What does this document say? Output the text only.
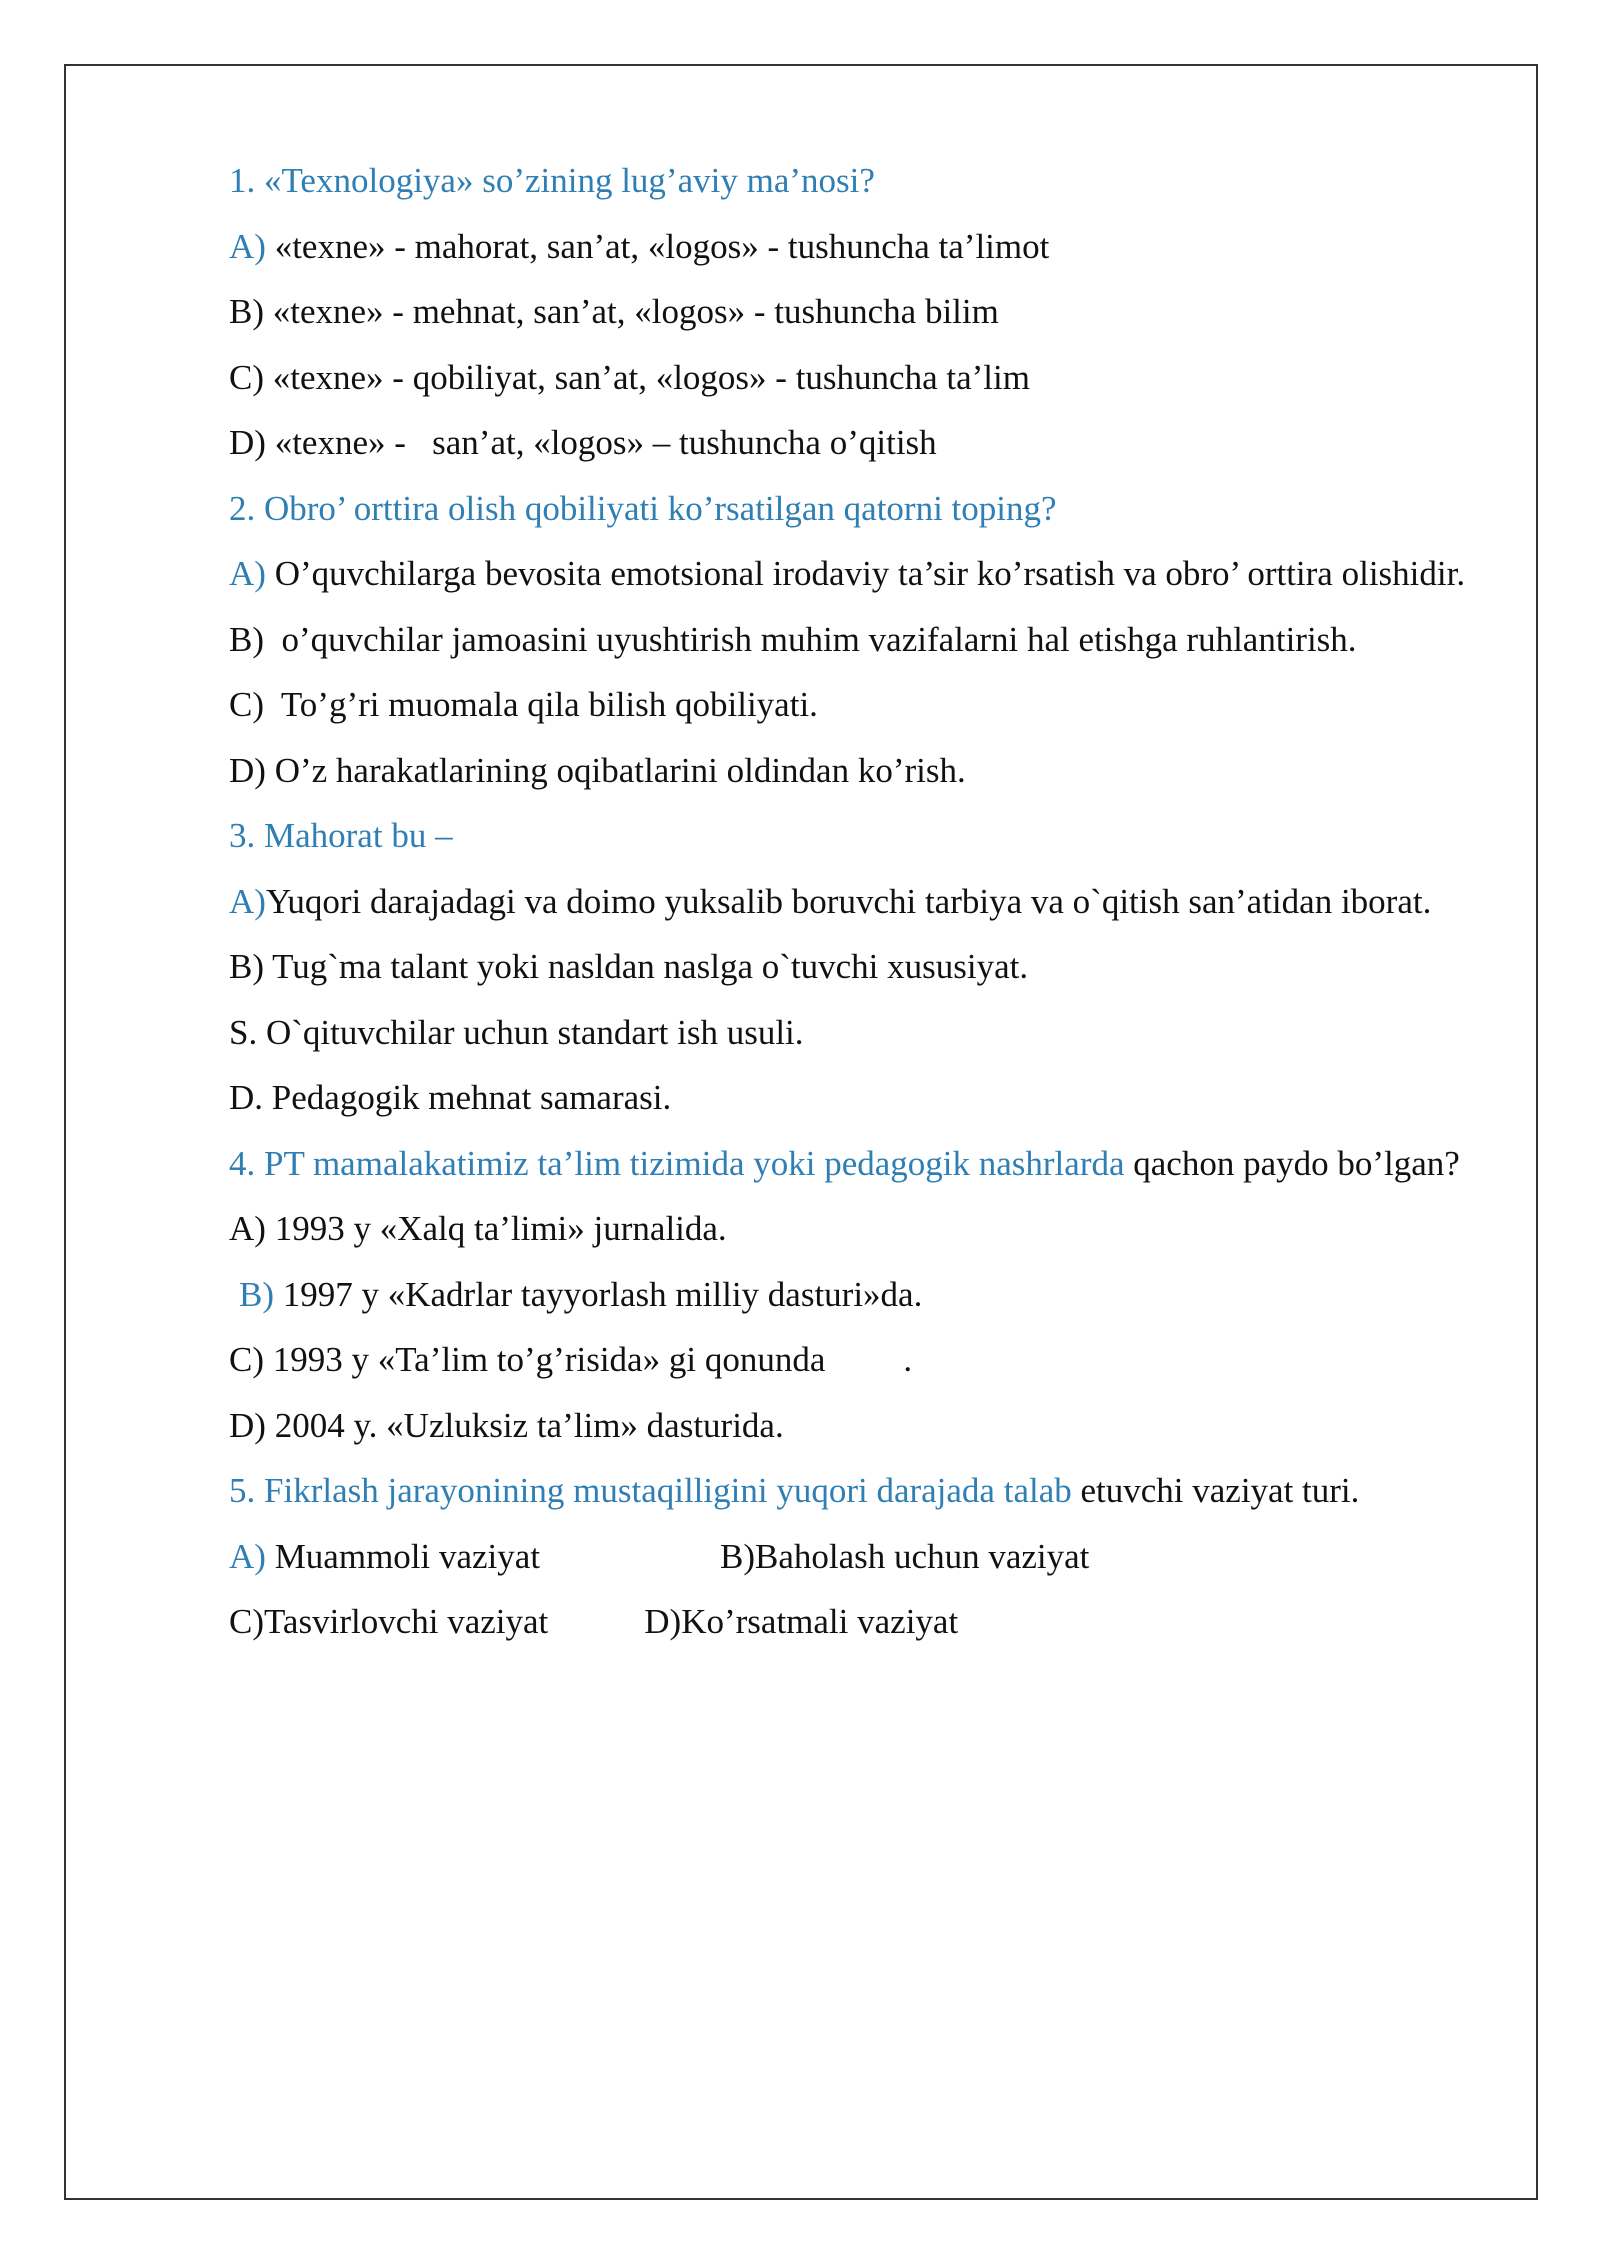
1. «Texnologiya» so’zining lug’aviy ma’nosi?
A) «texne» - mahorat, san’at, «logos» - tushuncha ta’limot
B) «texne» - mehnat, san’at, «logos» - tushuncha bilim
C) «texne» - qobiliyat, san’at, «logos» - tushuncha ta’lim
D) «texne» -   san’at, «logos» – tushuncha o’qitish
2. Obro’ orttira olish qobiliyati ko’rsatilgan qatorni toping?
A) O’quvchilarga bevosita emotsional irodaviy ta’sir ko’rsatish va obro’ orttira olishidir.
B)  o’quvchilar jamoasini uyushtirish muhim vazifalarni hal etishga ruhlantirish.
C)  To’g’ri muomala qila bilish qobiliyati.
D) O’z harakatlarining oqibatlarini oldindan ko’rish.
3. Mahorat bu –
A)Yuqori darajadagi va doimo yuksalib boruvchi tarbiya va o`qitish san’atidan iborat.
B) Tug`ma talant yoki nasldan naslga o`tuvchi xususiyat.
S. O`qituvchilar uchun standart ish usuli.
D. Pedagogik mehnat samarasi.
4. PT mamalakatimiz ta’lim tizimida yoki pedagogik nashrlarda qachon paydo bo’lgan?
A) 1993 y «Xalq ta’limi» jurnalida.
B) 1997 y «Kadrlar tayyorlash milliy dasturi»da.
C) 1993 y «Ta’lim to’g’risida» gi qonunda .
D) 2004 y. «Uzluksiz ta’lim» dasturida.
5. Fikrlash jarayonining mustaqilligini yuqori darajada talab etuvchi vaziyat turi.
A) Muammoli vaziyat	B)Baholash uchun vaziyat
C)Tasvirlovchi vaziyat	D)Ko’rsatmali vaziyat
